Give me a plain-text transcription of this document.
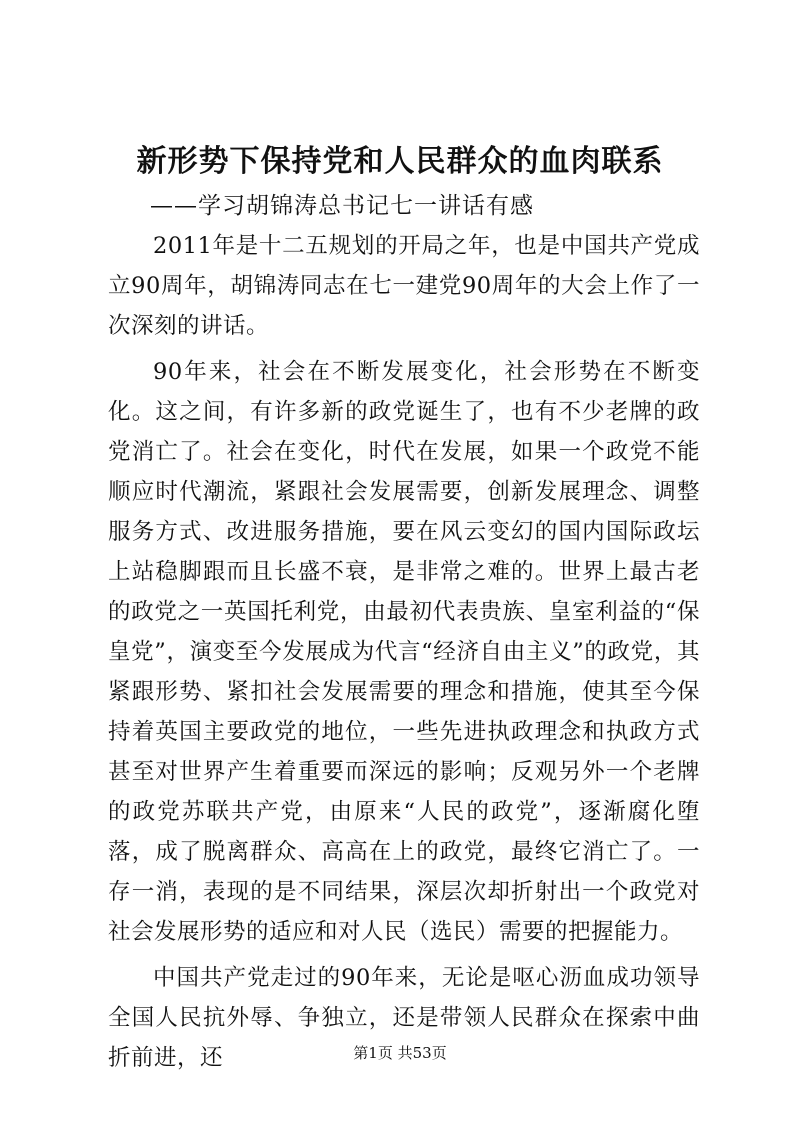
新形势下保持党和人民群众的血肉联系
——学习胡锦涛总书记七一讲话有感

2011年是十二五规划的开局之年，也是中国共产党成立90周年，胡锦涛同志在七一建党90周年的大会上作了一次深刻的讲话。

90年来，社会在不断发展变化，社会形势在不断变化。这之间，有许多新的政党诞生了，也有不少老牌的政党消亡了。社会在变化，时代在发展，如果一个政党不能顺应时代潮流，紧跟社会发展需要，创新发展理念、调整服务方式、改进服务措施，要在风云变幻的国内国际政坛上站稳脚跟而且长盛不衰，是非常之难的。世界上最古老的政党之一英国托利党，由最初代表贵族、皇室利益的“保皇党”，演变至今发展成为代言“经济自由主义”的政党，其紧跟形势、紧扣社会发展需要的理念和措施，使其至今保持着英国主要政党的地位，一些先进执政理念和执政方式甚至对世界产生着重要而深远的影响；反观另外一个老牌的政党苏联共产党，由原来“人民的政党”，逐渐腐化堕落，成了脱离群众、高高在上的政党，最终它消亡了。一存一消，表现的是不同结果，深层次却折射出一个政党对社会发展形势的适应和对人民（选民）需要的把握能力。

中国共产党走过的90年来，无论是呕心沥血成功领导全国人民抗外辱、争独立，还是带领人民群众在探索中曲折前进，还	第1页 共53页
